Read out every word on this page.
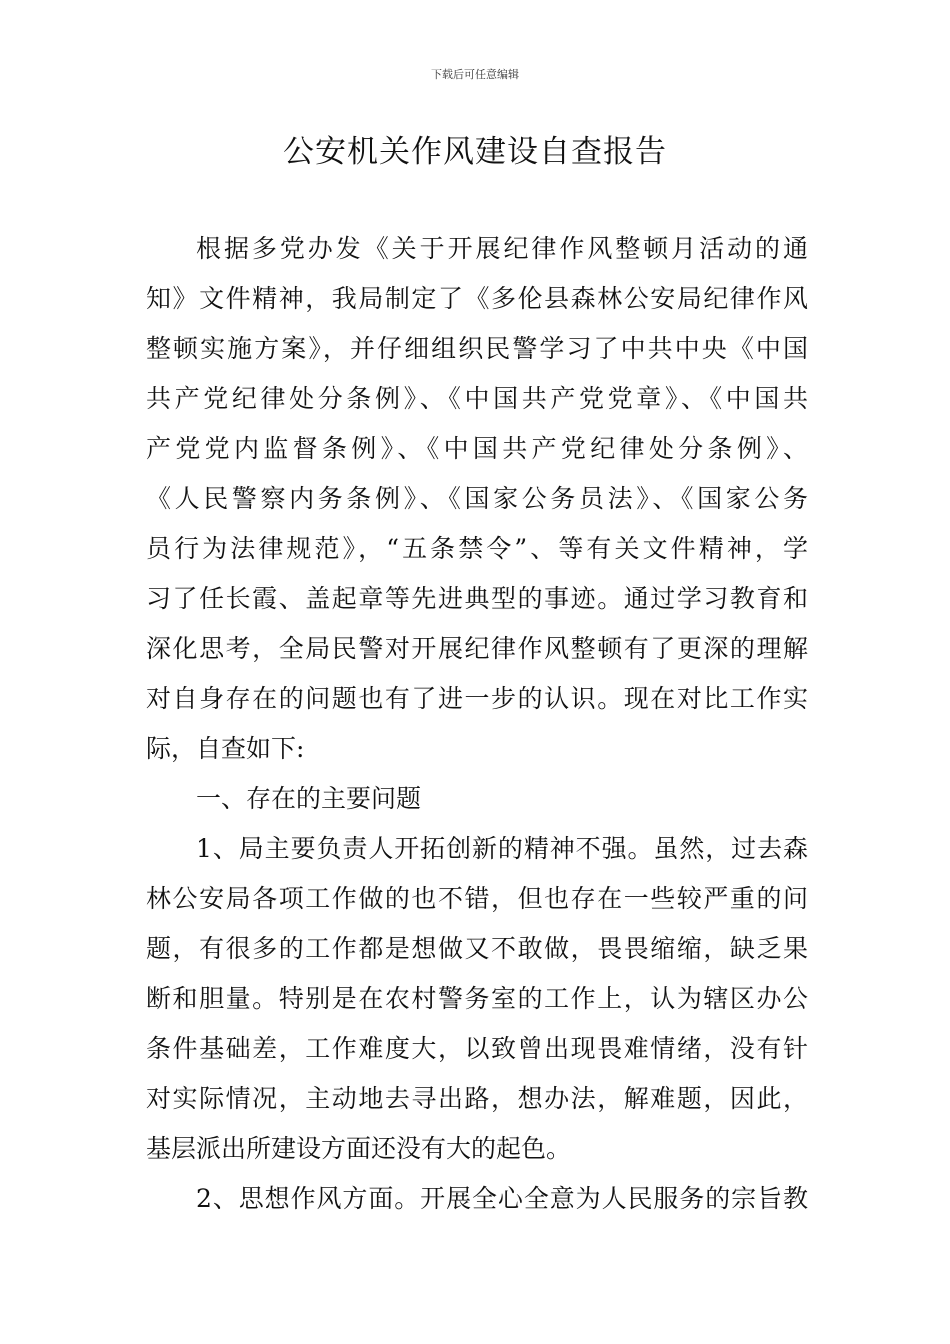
下载后可任意编辑
公安机关作风建设自查报告
根据多党办发《关于开展纪律作风整顿月活动的通
知》文件精神，我局制定了《多伦县森林公安局纪律作风
整顿实施方案》，并仔细组织民警学习了中共中央《中国
共产党纪律处分条例》、《中国共产党党章》、《中国共
产党党内监督条例》、《中国共产党纪律处分条例》、
《人民警察内务条例》、《国家公务员法》、《国家公务
员行为法律规范》，“五条禁令”、等有关文件精神，学
习了任长霞、盖起章等先进典型的事迹。通过学习教育和
深化思考，全局民警对开展纪律作风整顿有了更深的理解
对自身存在的问题也有了进一步的认识。现在对比工作实
际，自查如下:
一、存在的主要问题
1、局主要负责人开拓创新的精神不强。虽然，过去森
林公安局各项工作做的也不错，但也存在一些较严重的问
题，有很多的工作都是想做又不敢做，畏畏缩缩，缺乏果
断和胆量。特别是在农村警务室的工作上，认为辖区办公
条件基础差，工作难度大，以致曾出现畏难情绪，没有针
对实际情况，主动地去寻出路，想办法，解难题，因此，
基层派出所建设方面还没有大的起色。
2、思想作风方面。开展全心全意为人民服务的宗旨教
